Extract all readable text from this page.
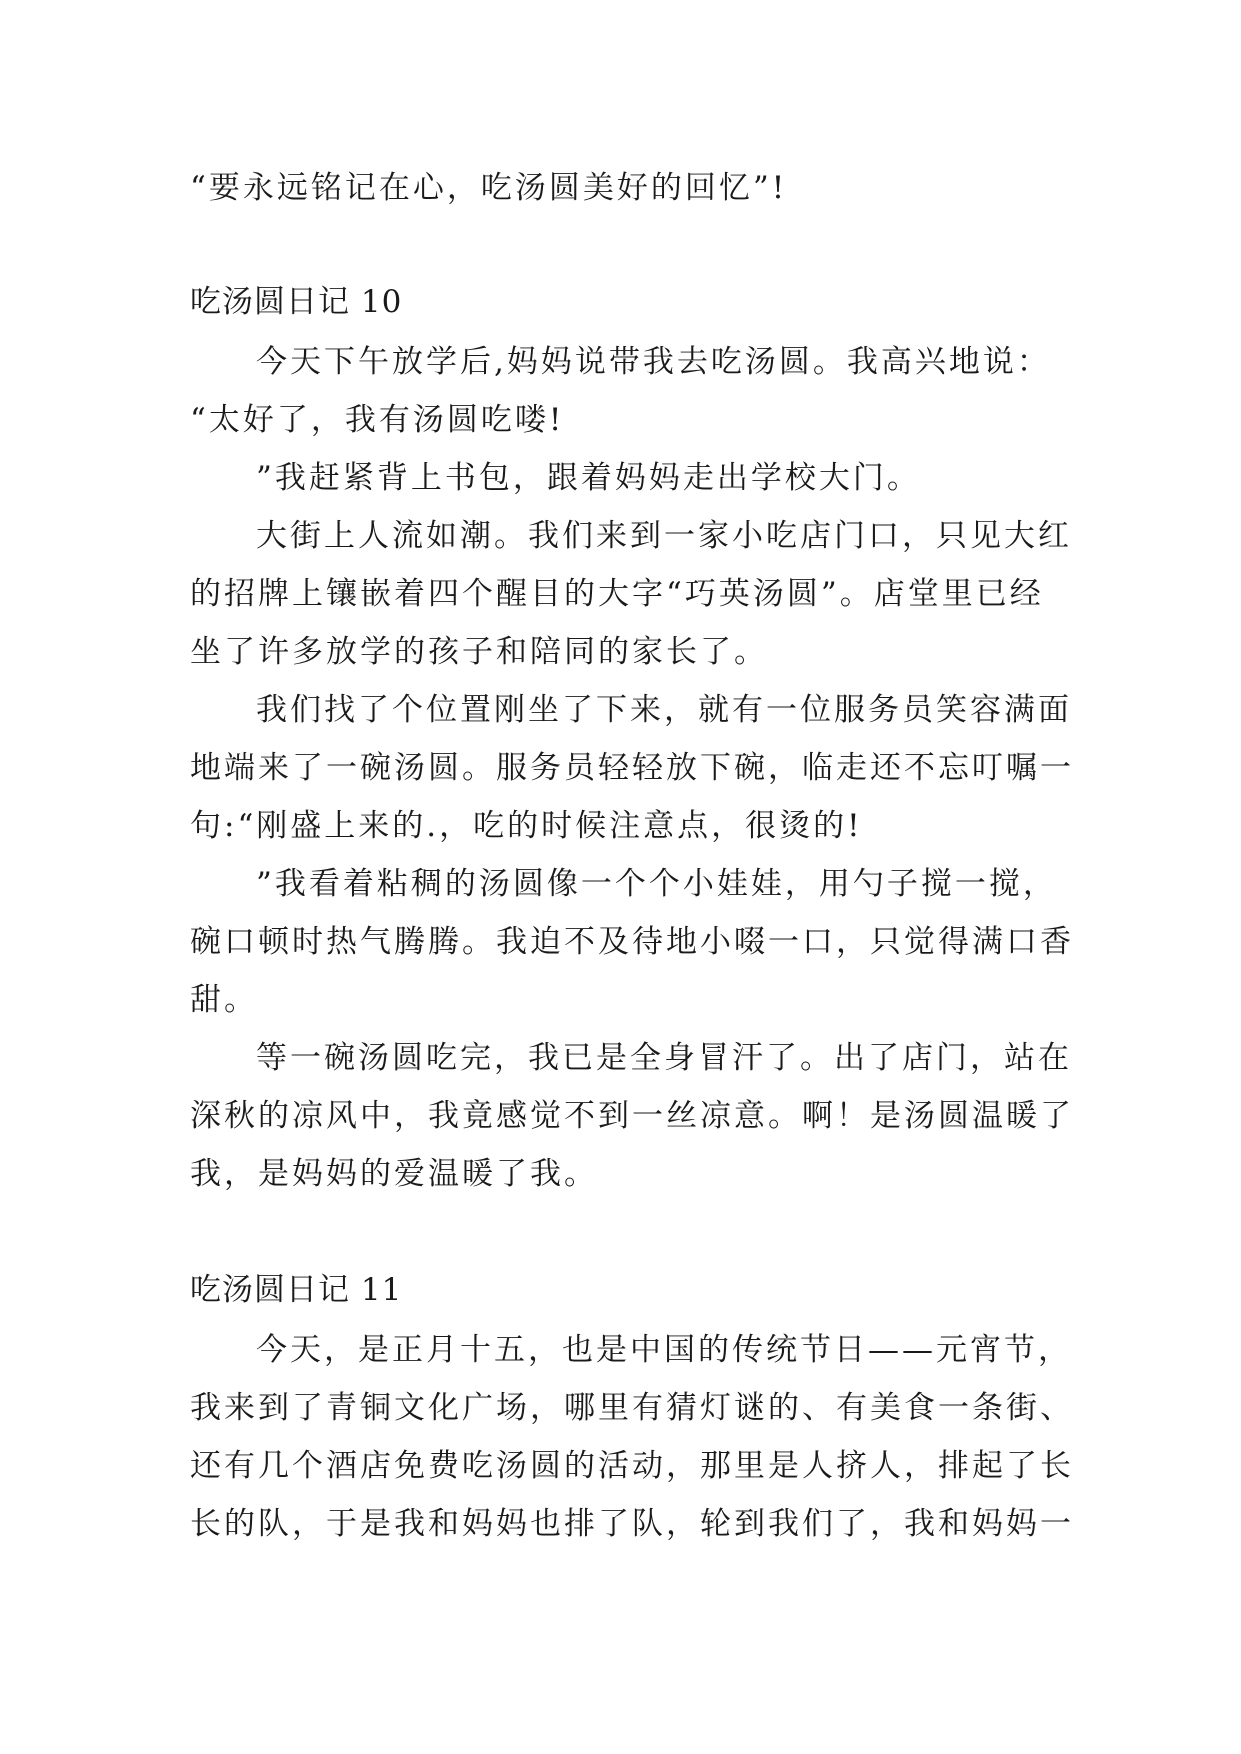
“要永远铭记在心，吃汤圆美好的回忆”!
吃汤圆日记 10
今天下午放学后,妈妈说带我去吃汤圆。我高兴地说：
“太好了，我有汤圆吃喽!
”我赶紧背上书包，跟着妈妈走出学校大门。
大街上人流如潮。我们来到一家小吃店门口，只见大红
的招牌上镶嵌着四个醒目的大字“巧英汤圆”。店堂里已经
坐了许多放学的孩子和陪同的家长了。
我们找了个位置刚坐了下来，就有一位服务员笑容满面
地端来了一碗汤圆。服务员轻轻放下碗，临走还不忘叮嘱一
句:“刚盛上来的.，吃的时候注意点，很烫的!
”我看着粘稠的汤圆像一个个小娃娃，用勺子搅一搅，
碗口顿时热气腾腾。我迫不及待地小啜一口，只觉得满口香
甜。
等一碗汤圆吃完，我已是全身冒汗了。出了店门，站在
深秋的凉风中，我竟感觉不到一丝凉意。啊！是汤圆温暖了
我，是妈妈的爱温暖了我。
吃汤圆日记 11
今天，是正月十五，也是中国的传统节日——元宵节，
我来到了青铜文化广场，哪里有猜灯谜的、有美食一条街、
还有几个酒店免费吃汤圆的活动，那里是人挤人，排起了长
长的队，于是我和妈妈也排了队，轮到我们了，我和妈妈一
